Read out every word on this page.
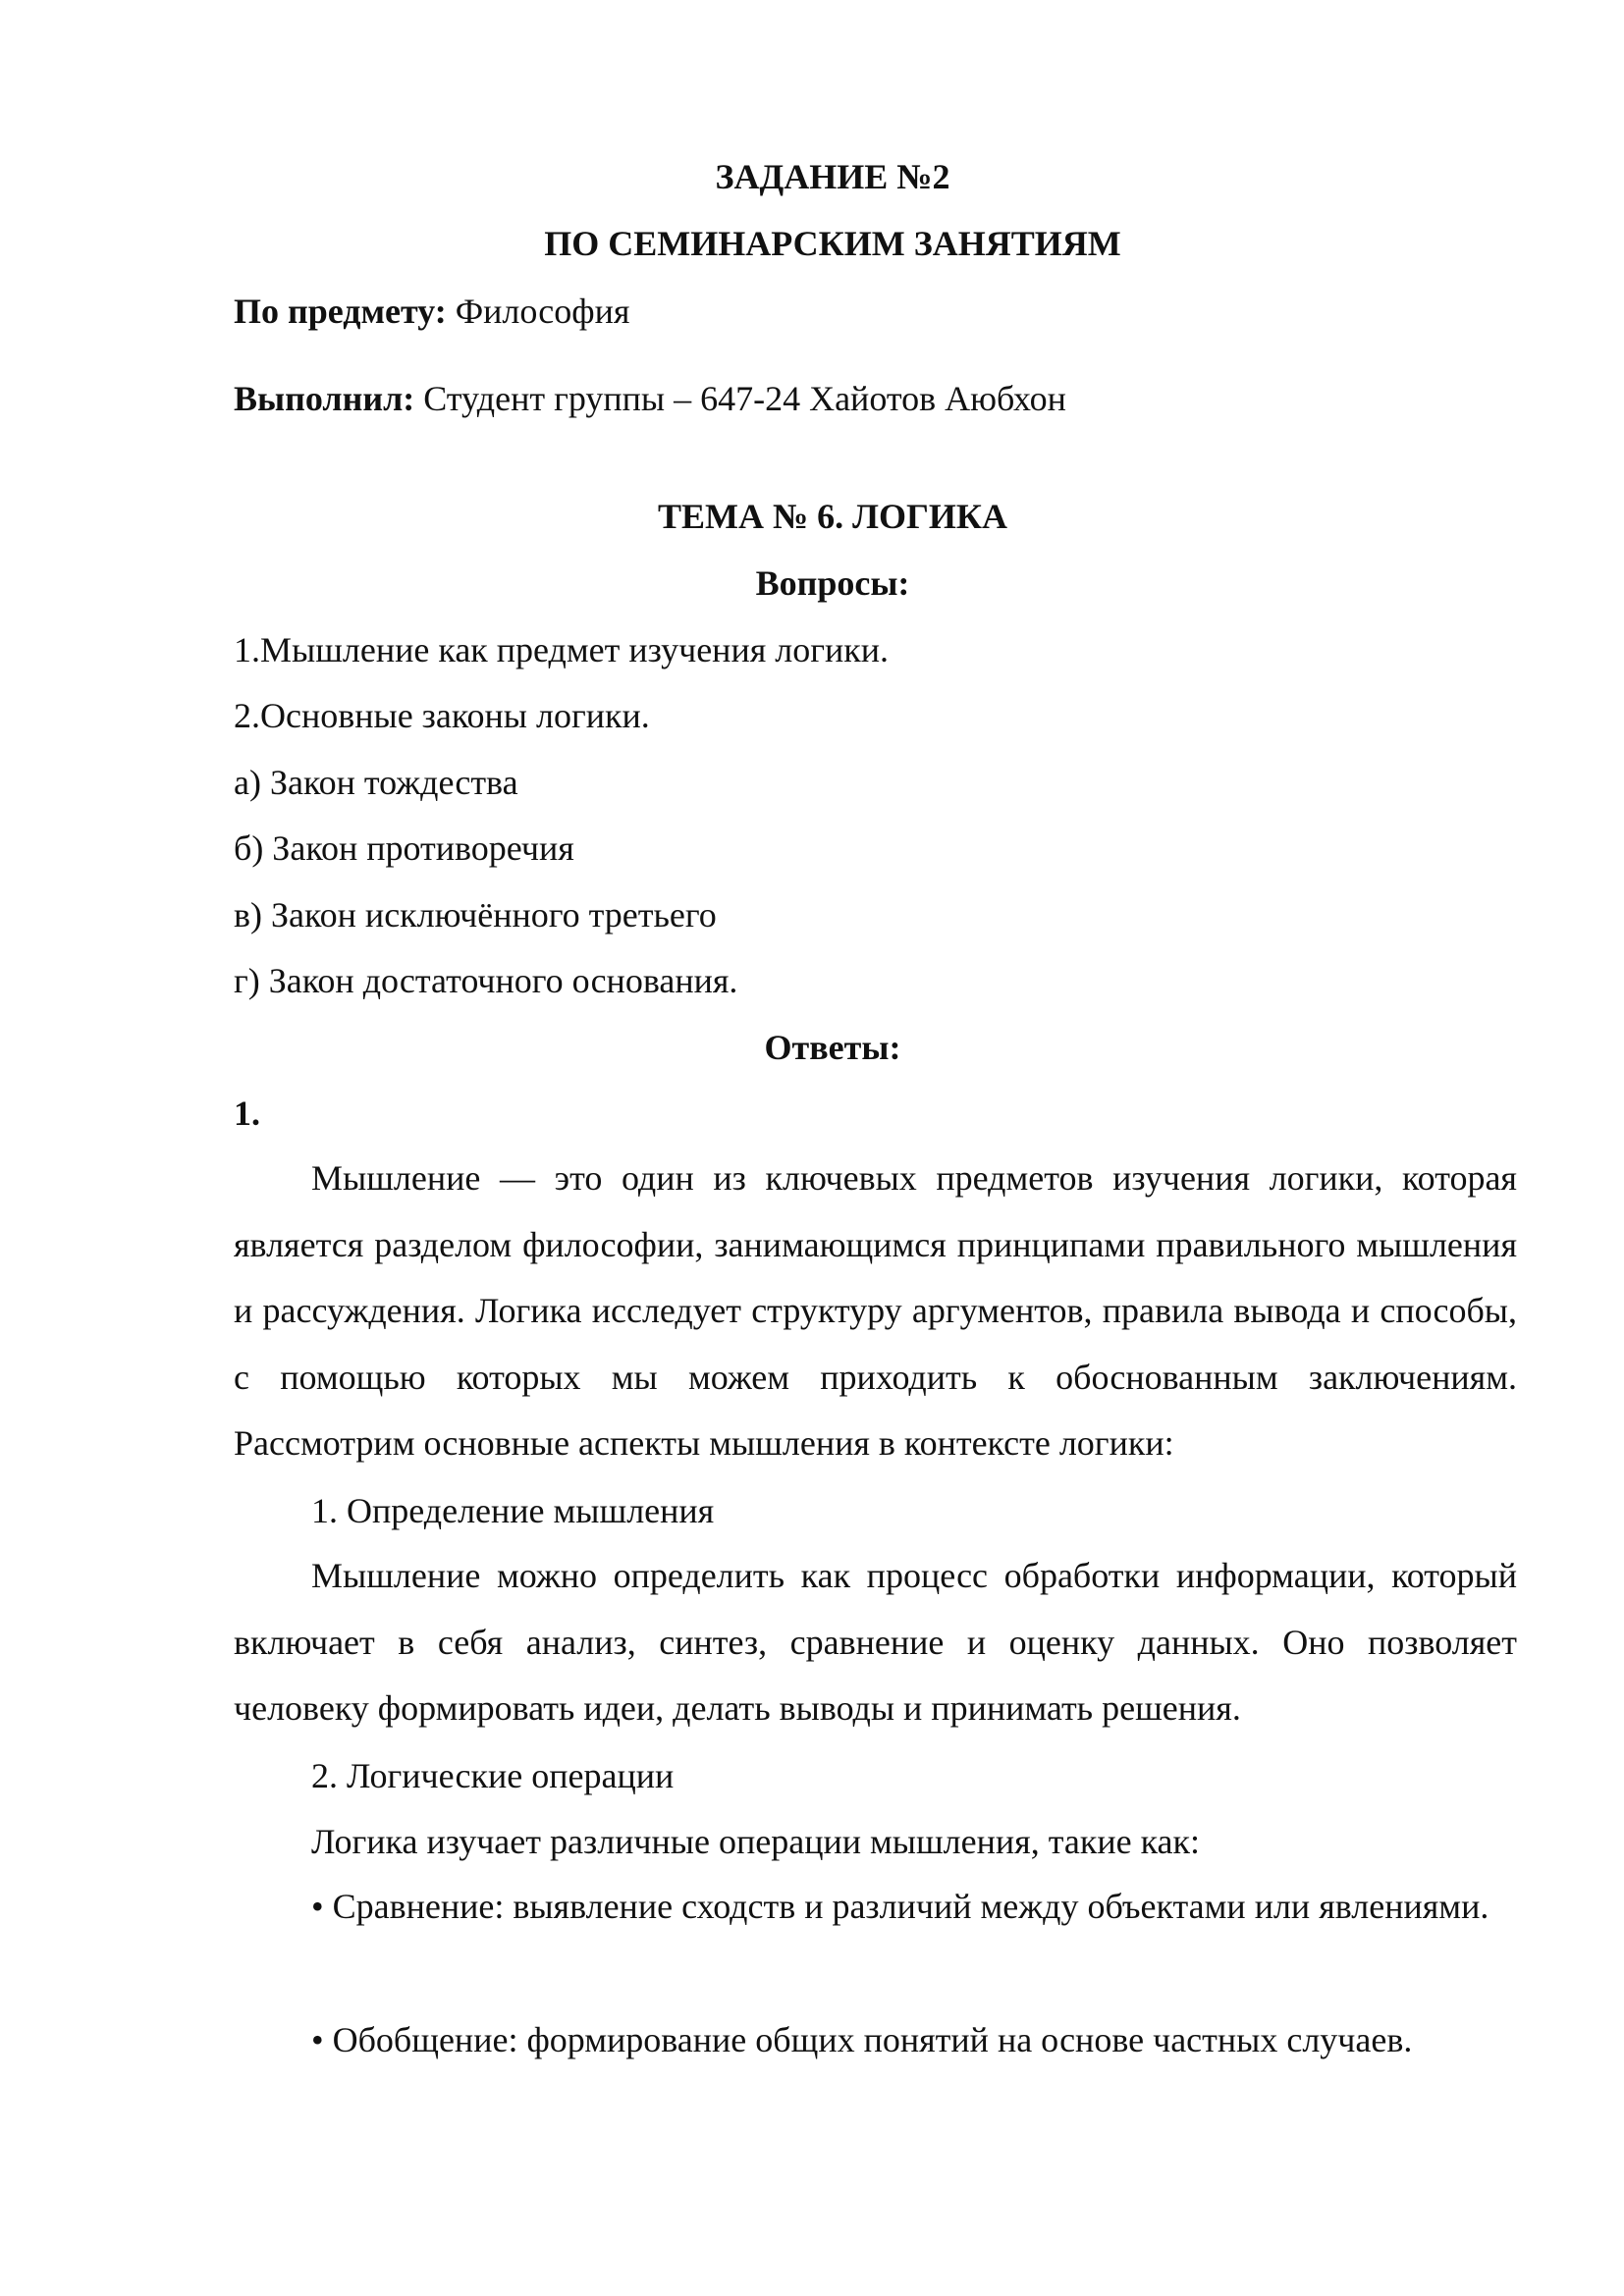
ЗАДАНИЕ №2
ПО СЕМИНАРСКИМ ЗАНЯТИЯМ
По предмету: Философия
Выполнил: Студент группы – 647-24 Хайотов Аюбхон
ТЕМА № 6. ЛОГИКА
Вопросы:
1.Мышление как предмет изучения логики.
2.Основные законы логики.
а) Закон тождества
б) Закон противоречия
в) Закон исключённого третьего
г) Закон достаточного основания.
Ответы:
1.
Мышление — это один из ключевых предметов изучения логики, которая является разделом философии, занимающимся принципами правильного мышления и рассуждения. Логика исследует структуру аргументов, правила вывода и способы, с помощью которых мы можем приходить к обоснованным заключениям. Рассмотрим основные аспекты мышления в контексте логики:
1. Определение мышления
Мышление можно определить как процесс обработки информации, который включает в себя анализ, синтез, сравнение и оценку данных. Оно позволяет человеку формировать идеи, делать выводы и принимать решения.
2. Логические операции
Логика изучает различные операции мышления, такие как:
• Сравнение: выявление сходств и различий между объектами или явлениями.
• Обобщение: формирование общих понятий на основе частных случаев.
